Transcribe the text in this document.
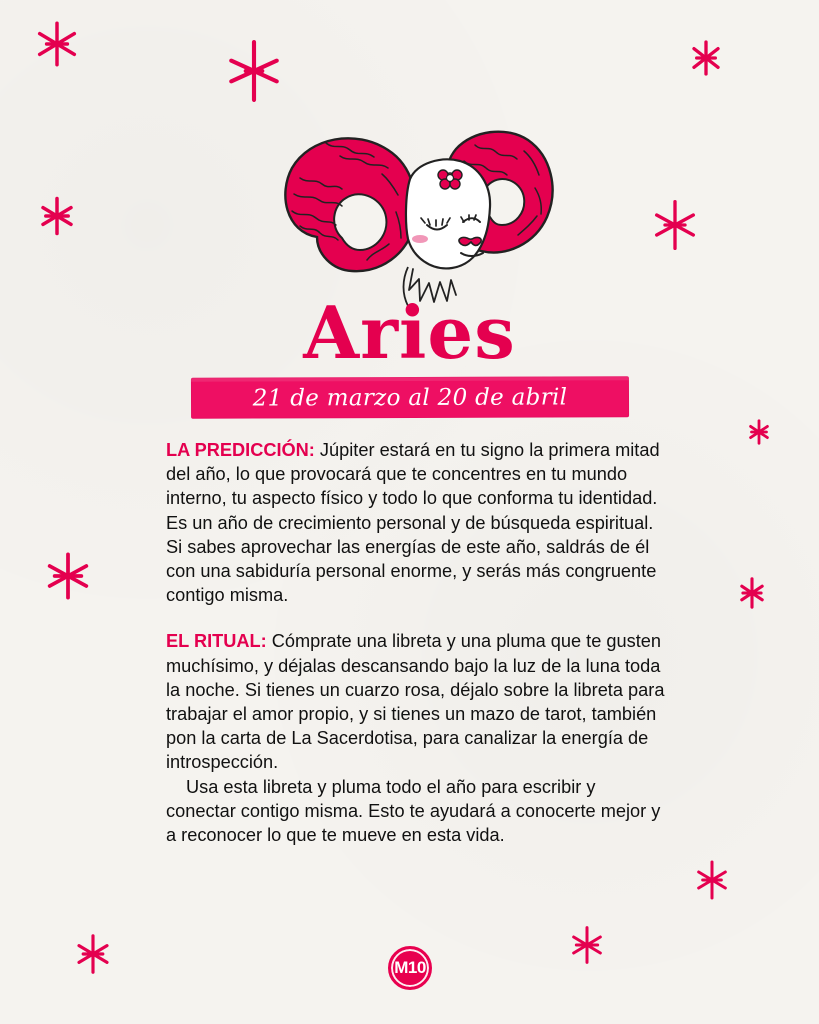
Aries
21 de marzo al 20 de abril

LA PREDICCIÓN: Júpiter estará en tu signo la primera mitad del año, lo que provocará que te concentres en tu mundo interno, tu aspecto físico y todo lo que conforma tu identidad. Es un año de crecimiento personal y de búsqueda espiritual. Si sabes aprovechar las energías de este año, saldrás de él con una sabiduría personal enorme, y serás más congruente contigo misma.

EL RITUAL: Cómprate una libreta y una pluma que te gusten muchísimo, y déjalas descansando bajo la luz de la luna toda la noche. Si tienes un cuarzo rosa, déjalo sobre la libreta para trabajar el amor propio, y si tienes un mazo de tarot, también pon la carta de La Sacerdotisa, para canalizar la energía de introspección.
Usa esta libreta y pluma todo el año para escribir y conectar contigo misma. Esto te ayudará a conocerte mejor y a reconocer lo que te mueve en esta vida.

M10
